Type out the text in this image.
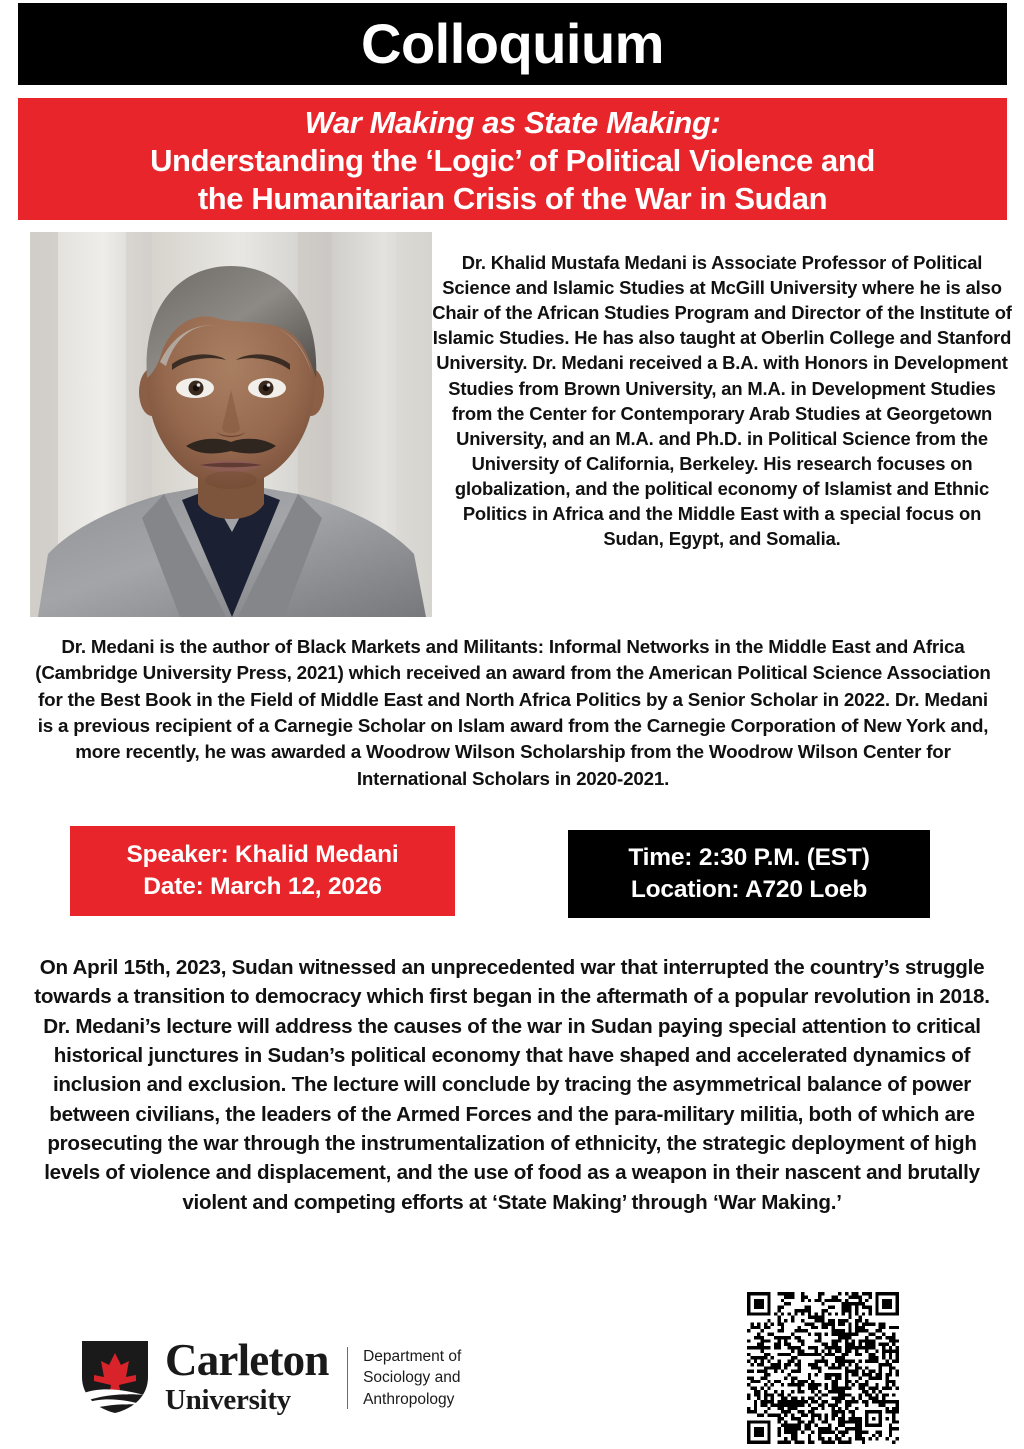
Colloquium
War Making as State Making:
Understanding the ‘Logic’ of Political Violence and
the Humanitarian Crisis of the War in Sudan
Dr. Khalid Mustafa Medani is Associate Professor of Political Science and Islamic Studies at McGill University where he is also Chair of the African Studies Program and Director of the Institute of Islamic Studies. He has also taught at Oberlin College and Stanford University. Dr. Medani received a B.A. with Honors in Development Studies from Brown University, an M.A. in Development Studies from the Center for Contemporary Arab Studies at Georgetown University, and an M.A. and Ph.D. in Political Science from the University of California, Berkeley. His research focuses on globalization, and the political economy of Islamist and Ethnic Politics in Africa and the Middle East with a special focus on Sudan, Egypt, and Somalia.
Dr. Medani is the author of Black Markets and Militants: Informal Networks in the Middle East and Africa (Cambridge University Press, 2021) which received an award from the American Political Science Association for the Best Book in the Field of Middle East and North Africa Politics by a Senior Scholar in 2022. Dr. Medani is a previous recipient of a Carnegie Scholar on Islam award from the Carnegie Corporation of New York and, more recently, he was awarded a Woodrow Wilson Scholarship from the Woodrow Wilson Center for International Scholars in 2020-2021.
Speaker: Khalid Medani
Date: March 12, 2026
Time: 2:30 P.M. (EST)
Location: A720 Loeb
On April 15th, 2023, Sudan witnessed an unprecedented war that interrupted the country’s struggle towards a transition to democracy which first began in the aftermath of a popular revolution in 2018. Dr. Medani’s lecture will address the causes of the war in Sudan paying special attention to critical historical junctures in Sudan’s political economy that have shaped and accelerated dynamics of inclusion and exclusion. The lecture will conclude by tracing the asymmetrical balance of power between civilians, the leaders of the Armed Forces and the para-military militia, both of which are prosecuting the war through the instrumentalization of ethnicity, the strategic deployment of high levels of violence and displacement, and the use of food as a weapon in their nascent and brutally violent and competing efforts at ‘State Making’ through ‘War Making.’
Carleton
University
Department of
Sociology and
Anthropology
